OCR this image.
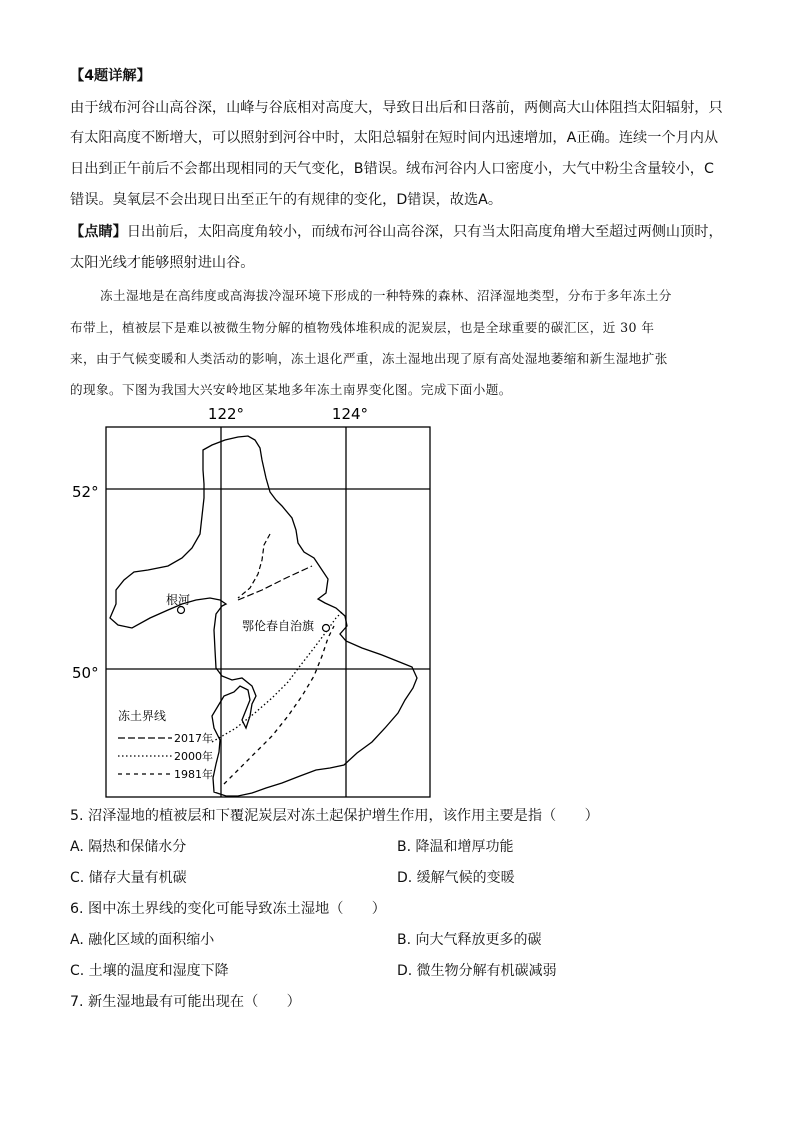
【4题详解】
由于绒布河谷山高谷深，山峰与谷底相对高度大，导致日出后和日落前，两侧高大山体阻挡太阳辐射，只
有太阳高度不断增大，可以照射到河谷中时，太阳总辐射在短时间内迅速增加，A正确。连续一个月内从
日出到正午前后不会都出现相同的天气变化，B错误。绒布河谷内人口密度小，大气中粉尘含量较小，C
错误。臭氧层不会出现日出至正午的有规律的变化，D错误，故选A。
【点睛】日出前后，太阳高度角较小，而绒布河谷山高谷深，只有当太阳高度角增大至超过两侧山顶时，
太阳光线才能够照射进山谷。
冻土湿地是在高纬度或高海拔冷湿环境下形成的一种特殊的森林、沼泽湿地类型，分布于多年冻土分
布带上，植被层下是难以被微生物分解的植物残体堆积成的泥炭层，也是全球重要的碳汇区，近 30 年
来，由于气候变暖和人类活动的影响，冻土退化严重，冻土湿地出现了原有高处湿地萎缩和新生湿地扩张
的现象。下图为我国大兴安岭地区某地多年冻土南界变化图。完成下面小题。
122°	124°
52°
50°
根河
鄂伦春自治旗
冻土界线
2017年
2000年
1981年
5. 沼泽湿地的植被层和下覆泥炭层对冻土起保护增生作用，该作用主要是指（　　）
A. 隔热和保储水分	B. 降温和增厚功能
C. 储存大量有机碳	D. 缓解气候的变暖
6. 图中冻土界线的变化可能导致冻土湿地（　　）
A. 融化区域的面积缩小	B. 向大气释放更多的碳
C. 土壤的温度和湿度下降	D. 微生物分解有机碳减弱
7. 新生湿地最有可能出现在（　　）
